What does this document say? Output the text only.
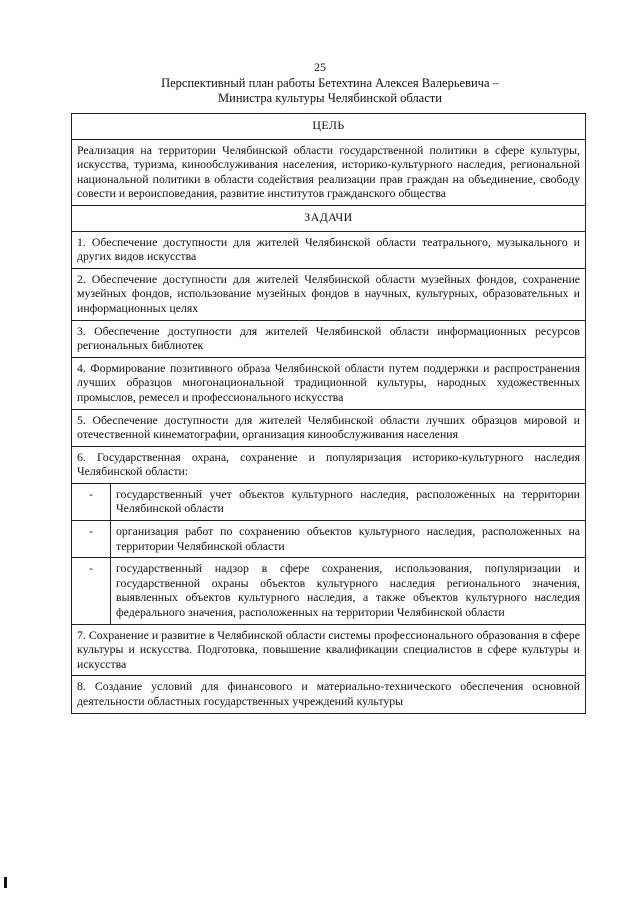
25
Перспективный план работы Бетехтина Алексея Валерьевича –
Министра культуры Челябинской области
ЦЕЛЬ	
Реализация на территории Челябинской области государственной политики в сфере культуры, искусства, туризма, кинообслуживания населения, историко-культурного наследия, региональной национальной политики в области содействия реализации прав граждан на объединение, свободу совести и вероисповедания, развитие институтов гражданского общества	
ЗАДАЧИ	
1. Обеспечение доступности для жителей Челябинской области театрального, музыкального и других видов искусства	
2. Обеспечение доступности для жителей Челябинской области музейных фондов, сохранение музейных фондов, использование музейных фондов в научных, культурных, образовательных и информационных целях	
3. Обеспечение доступности для жителей Челябинской области информационных ресурсов региональных библиотек	
4. Формирование позитивного образа Челябинской области путем поддержки и распространения лучших образцов многонациональной традиционной культуры, народных художественных промыслов, ремесел и профессионального искусства	
5. Обеспечение доступности для жителей Челябинской области лучших образцов мировой и отечественной кинематографии, организация кинообслуживания населения	
6. Государственная охрана, сохранение и популяризация историко-культурного наследия Челябинской области:	
-	государственный учет объектов культурного наследия, расположенных на территории Челябинской области
-	организация работ по сохранению объектов культурного наследия, расположенных на территории Челябинской области
-	государственный надзор в сфере сохранения, использования, популяризации и государственной охраны объектов культурного наследия регионального значения, выявленных объектов культурного наследия, а также объектов культурного наследия федерального значения, расположенных на территории Челябинской области
7. Сохранение и развитие в Челябинской области системы профессионального образования в сфере культуры и искусства. Подготовка, повышение квалификации специалистов в сфере культуры и искусства	
8. Создание условий для финансового и материально-технического обеспечения основной деятельности областных государственных учреждений культуры	
